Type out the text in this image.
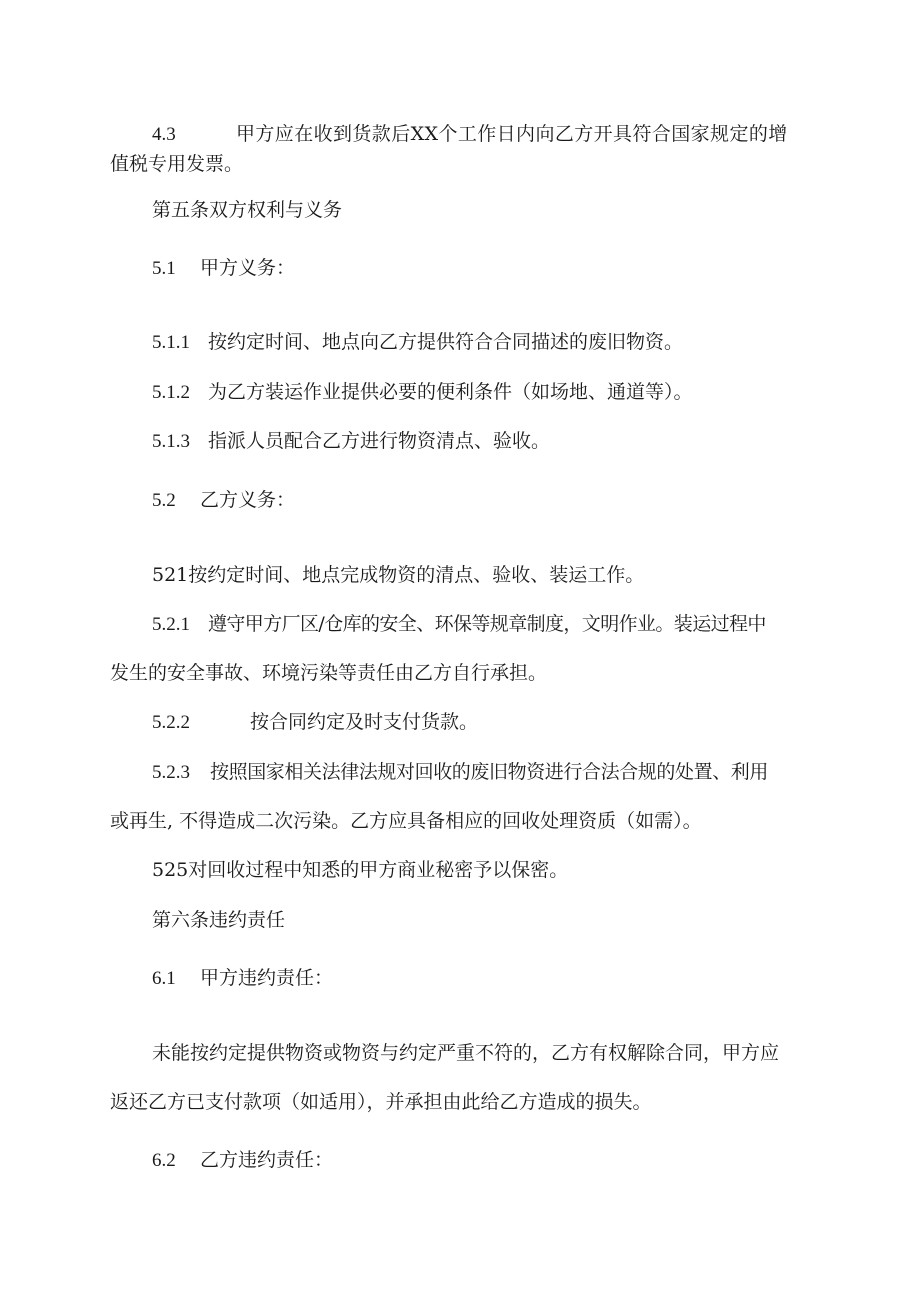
4.3	甲方应在收到货款后XX个工作日内向乙方开具符合国家规定的增

值税专用发票。

第五条双方权利与义务

5.1 甲方义务：

5.1.1 按约定时间、地点向乙方提供符合合同描述的废旧物资。

5.1.2 为乙方装运作业提供必要的便利条件（如场地、通道等）。

5.1.3 指派人员配合乙方进行物资清点、验收。

5.2 乙方义务：

521按约定时间、地点完成物资的清点、验收、装运工作。

5.2.1 遵守甲方厂区/仓库的安全、环保等规章制度，文明作业。装运过程中

发生的安全事故、环境污染等责任由乙方自行承担。

5.2.2	按合同约定及时支付货款。

5.2.3 按照国家相关法律法规对回收的废旧物资进行合法合规的处置、利用

或再生, 不得造成二次污染。乙方应具备相应的回收处理资质（如需）。

525对回收过程中知悉的甲方商业秘密予以保密。

第六条违约责任

6.1 甲方违约责任：

未能按约定提供物资或物资与约定严重不符的，乙方有权解除合同，甲方应

返还乙方已支付款项（如适用），并承担由此给乙方造成的损失。

6.2 乙方违约责任：
